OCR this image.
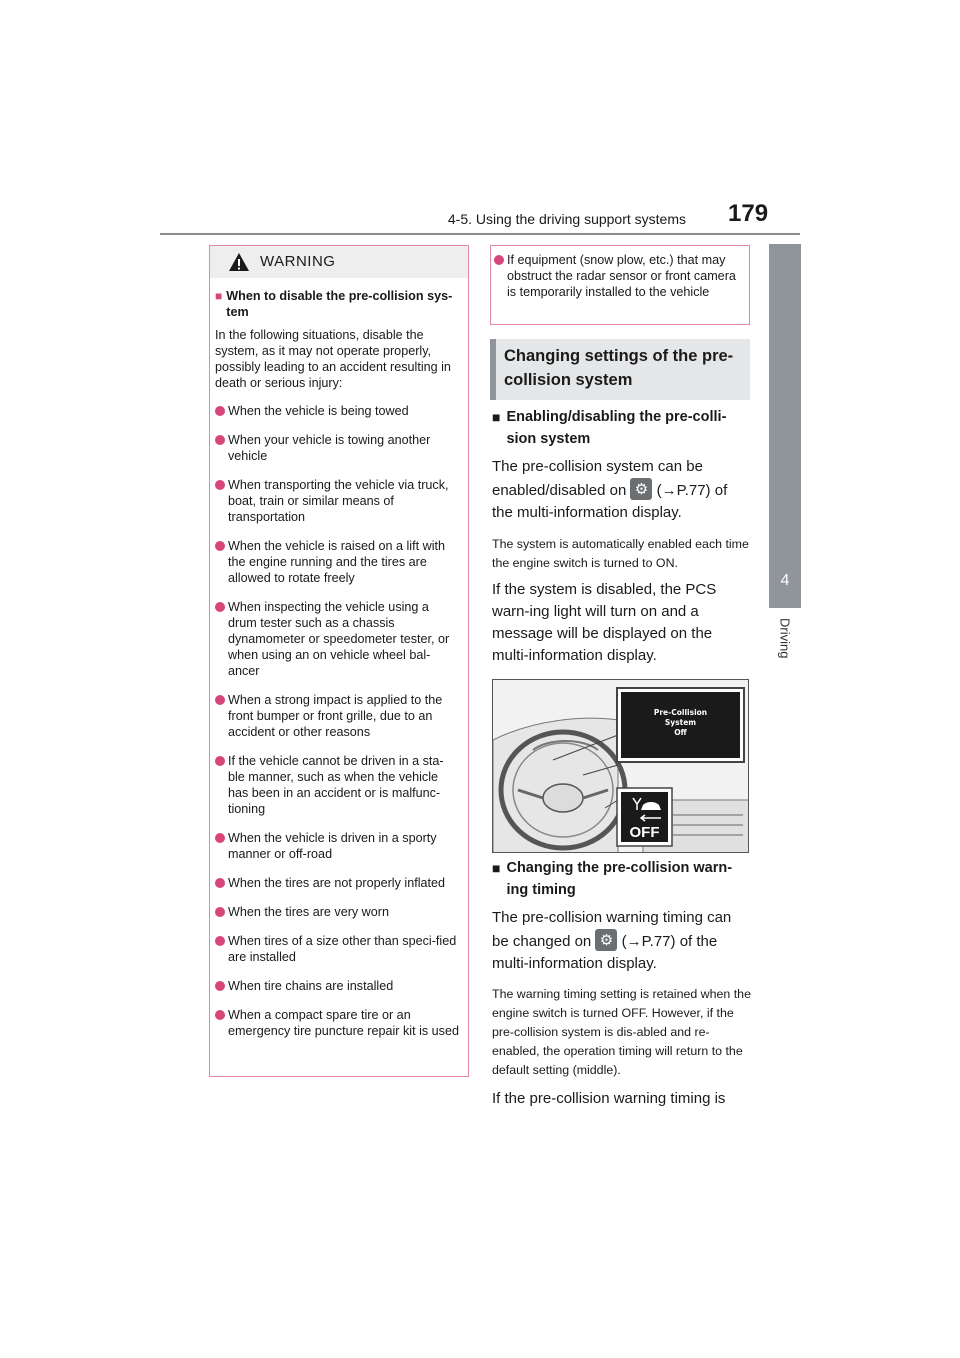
4-5. Using the driving support systems 179
4
Driving
WARNING
■ When to disable the pre-collision sys-tem
In the following situations, disable the system, as it may not operate properly, possibly leading to an accident resulting in death or serious injury:
When the vehicle is being towed
When your vehicle is towing another vehicle
When transporting the vehicle via truck, boat, train or similar means of transportation
When the vehicle is raised on a lift with the engine running and the tires are allowed to rotate freely
When inspecting the vehicle using a drum tester such as a chassis dynamometer or speedometer tester, or when using an on vehicle wheel bal-ancer
When a strong impact is applied to the front bumper or front grille, due to an accident or other reasons
If the vehicle cannot be driven in a sta-ble manner, such as when the vehicle has been in an accident or is malfunc-tioning
When the vehicle is driven in a sporty manner or off-road
When the tires are not properly inflated
When the tires are very worn
When tires of a size other than speci-fied are installed
When tire chains are installed
When a compact spare tire or an emergency tire puncture repair kit is used
If equipment (snow plow, etc.) that may obstruct the radar sensor or front camera is temporarily installed to the vehicle
Changing settings of the pre-collision system
■ Enabling/disabling the pre-colli-sion system
The pre-collision system can be enabled/disabled on ⚙ (→P.77) of the multi-information display.
The system is automatically enabled each time the engine switch is turned to ON.
If the system is disabled, the PCS warn-ing light will turn on and a message will be displayed on the multi-information display.
Pre-Collision
System
Off
OFF
■ Changing the pre-collision warn-ing timing
The pre-collision warning timing can be changed on ⚙ (→P.77) of the multi-information display.
The warning timing setting is retained when the engine switch is turned OFF. However, if the pre-collision system is dis-abled and re-enabled, the operation timing will return to the default setting (middle).
If the pre-collision warning timing is
